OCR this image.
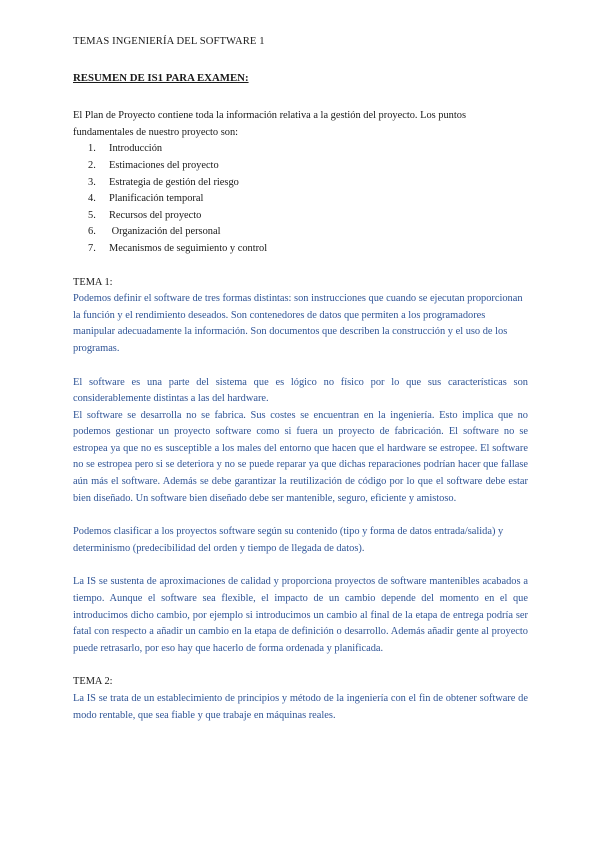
TEMAS INGENIERÍA DEL SOFTWARE 1
RESUMEN DE IS1 PARA EXAMEN:

El Plan de Proyecto contiene toda la información relativa a la gestión del proyecto. Los puntos fundamentales de nuestro proyecto son:

1.	Introducción
2.	Estimaciones del proyecto
3.	Estrategia de gestión del riesgo
4.	Planificación temporal
5.	Recursos del proyecto
6.	Organización del personal
7.	Mecanismos de seguimiento y control
TEMA 1:

Podemos definir el software de tres formas distintas: son instrucciones que cuando se ejecutan proporcionan la función y el rendimiento deseados. Son contenedores de datos que permiten a los programadores manipular adecuadamente la información. Son documentos que describen la construcción y el uso de los programas.

El software es una parte del sistema que es lógico no físico por lo que sus características son considerablemente distintas a las del hardware.

El software se desarrolla no se fabrica. Sus costes se encuentran en la ingeniería. Esto implica que no podemos gestionar un proyecto software como si fuera un proyecto de fabricación. El software no se estropea ya que no es susceptible a los males del entorno que hacen que el hardware se estropee. El software no se estropea pero si se deteriora y no se puede reparar ya que dichas reparaciones podrían hacer que fallase aún más el software. Además se debe garantizar la reutilización de código por lo que el software debe estar bien diseñado. Un software bien diseñado debe ser mantenible, seguro, eficiente y amistoso.

Podemos clasificar a los proyectos software según su contenido (tipo y forma de datos entrada/salida) y determinismo (predecibilidad del orden y tiempo de llegada de datos).

La IS se sustenta de aproximaciones de calidad y proporciona proyectos de software mantenibles acabados a tiempo. Aunque el software sea flexible, el impacto de un cambio depende del momento en el que introducimos dicho cambio, por ejemplo si introducimos un cambio al final de la etapa de entrega podría ser fatal con respecto a añadir un cambio en la etapa de definición o desarrollo. Además añadir gente al proyecto puede retrasarlo, por eso hay que hacerlo de forma ordenada y planificada.

TEMA 2:

La IS se trata de un establecimiento de principios y método de la ingeniería con el fin de obtener software de modo rentable, que sea fiable y que trabaje en máquinas reales.
